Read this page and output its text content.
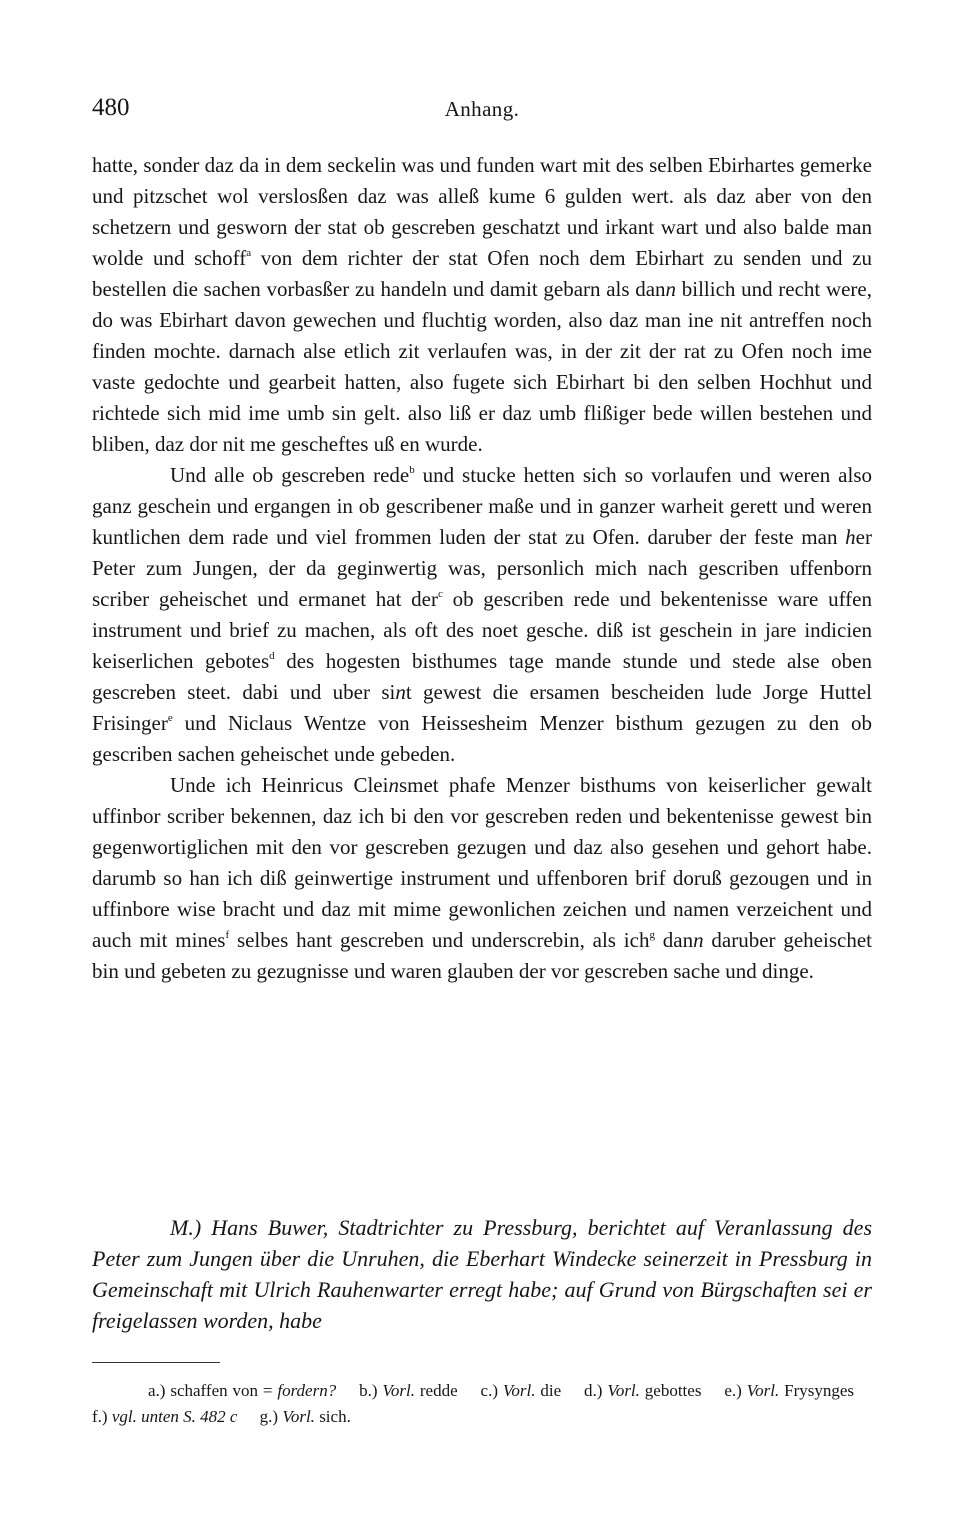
480	Anhang.

hatte, sonder daz da in dem seckelin was und funden wart mit des selben Ebirhartes gemerke und pitzschet wol verslosßen daz was alleß kume 6 gulden wert. als daz aber von den schetzern und gesworn der stat ob gescreben geschatzt und irkant wart und also balde man wolde und schoff$^a$ von dem richter der stat Ofen noch dem Ebirhart zu senden und zu bestellen die sachen vorbasßer zu handeln und damit gebarn als dann billich und recht were, do was Ebirhart davon gewechen und fluchtig worden, also daz man ine nit antreffen noch finden mochte. darnach alse etlich zit verlaufen was, in der zit der rat zu Ofen noch ime vaste gedochte und gearbeit hatten, also fugete sich Ebirhart bi den selben Hochhut und richtede sich mid ime umb sin gelt. also liß er daz umb flißiger bede willen bestehen und bliben, daz dor nit me gescheftes uß en wurde.

Und alle ob gescreben rede$^b$ und stucke hetten sich so vorlaufen und weren also ganz geschein und ergangen in ob gescribener maße und in ganzer warheit gerett und weren kuntlichen dem rade und viel frommen luden der stat zu Ofen. daruber der feste man her Peter zum Jungen, der da geginwertig was, personlich mich nach gescriben uffenborn scriber geheischet und ermanet hat der$^c$ ob gescriben rede und bekentenisse ware uffen instrument und brief zu machen, als oft des noet gesche. diß ist geschein in jare indicien keiserlichen gebotes$^d$ des hogesten bisthumes tage mande stunde und stede alse oben gescreben steet. dabi und uber sint gewest die ersamen bescheiden lude Jorge Huttel Frisinger$^e$ und Niclaus Wentze von Heissesheim Menzer bisthum gezugen zu den ob gescriben sachen geheischet unde gebeden.

Unde ich Heinricus Cleinsmet phafe Menzer bisthums von keiserlicher gewalt uffinbor scriber bekennen, daz ich bi den vor gescreben reden und bekentenisse gewest bin gegenwortiglichen mit den vor gescreben gezugen und daz also gesehen und gehort habe. darumb so han ich diß geinwertige instrument und uffenboren brif doruß gezougen und in uffinbore wise bracht und daz mit mime gewonlichen zeichen und namen verzeichent und auch mit mines$^f$ selbes hant gescreben und underscrebin, als ich$^g$ dann daruber geheischet bin und gebeten zu gezugnisse und waren glauben der vor gescreben sache und dinge.

M.) Hans Buwer, Stadtrichter zu Pressburg, berichtet auf Veranlassung des Peter zum Jungen über die Unruhen, die Eberhart Windecke seinerzeit in Pressburg in Gemeinschaft mit Ulrich Rauhenwarter erregt habe; auf Grund von Bürgschaften sei er freigelassen worden, habe

a.) schaffen von = fordern? b.) Vorl. redde c.) Vorl. die d.) Vorl. gebottes e.) Vorl. Frysynges f.) vgl. unten S. 482 c g.) Vorl. sich.
